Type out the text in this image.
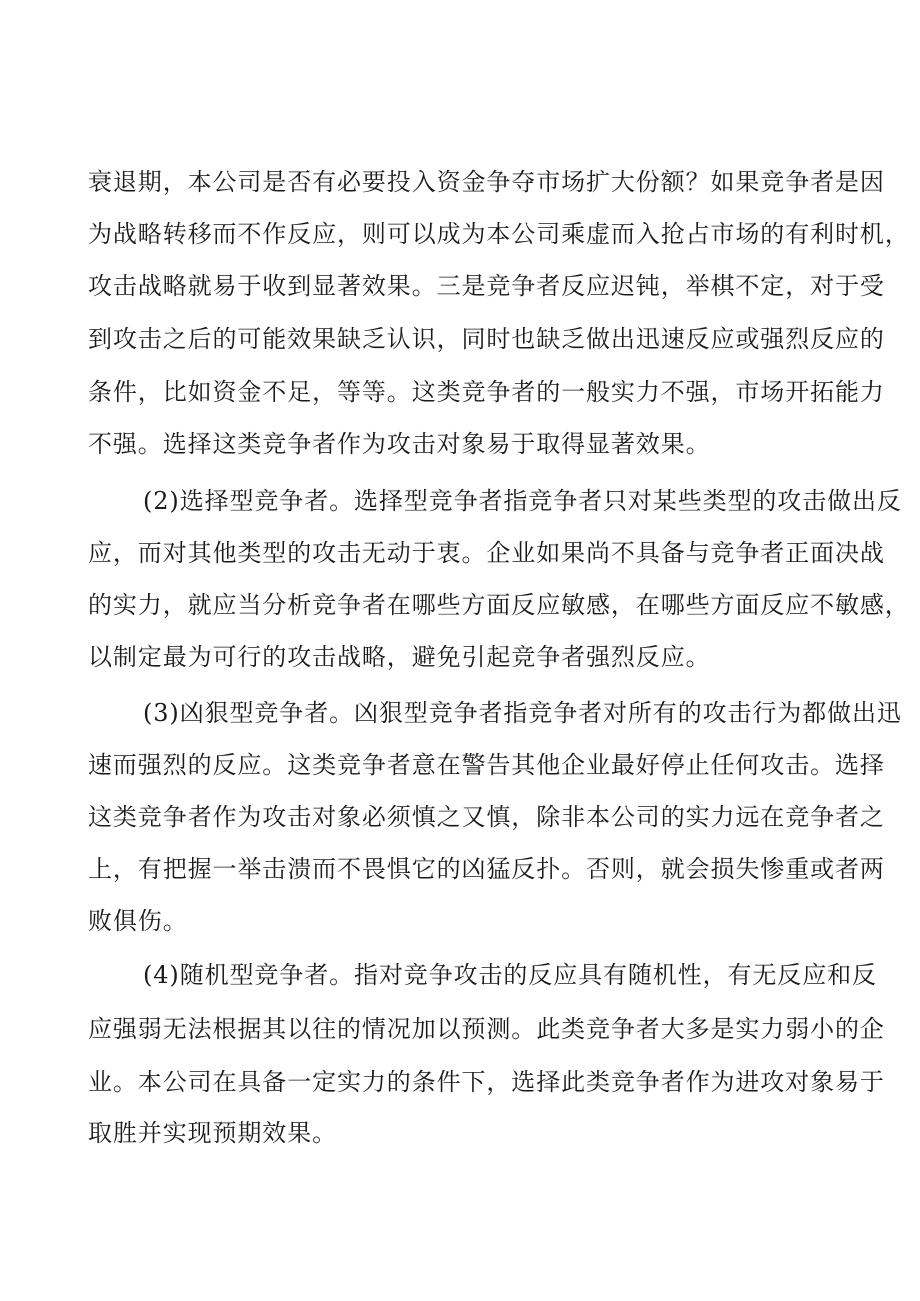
衰退期，本公司是否有必要投入资金争夺市场扩大份额？如果竞争者是因
为战略转移而不作反应，则可以成为本公司乘虚而入抢占市场的有利时机，
攻击战略就易于收到显著效果。三是竞争者反应迟钝，举棋不定，对于受
到攻击之后的可能效果缺乏认识，同时也缺乏做出迅速反应或强烈反应的
条件，比如资金不足，等等。这类竞争者的一般实力不强，市场开拓能力
不强。选择这类竞争者作为攻击对象易于取得显著效果。
(2)选择型竞争者。选择型竞争者指竞争者只对某些类型的攻击做出反
应，而对其他类型的攻击无动于衷。企业如果尚不具备与竞争者正面决战
的实力，就应当分析竞争者在哪些方面反应敏感，在哪些方面反应不敏感，
以制定最为可行的攻击战略，避免引起竞争者强烈反应。
(3)凶狠型竞争者。凶狠型竞争者指竞争者对所有的攻击行为都做出迅
速而强烈的反应。这类竞争者意在警告其他企业最好停止任何攻击。选择
这类竞争者作为攻击对象必须慎之又慎，除非本公司的实力远在竞争者之
上，有把握一举击溃而不畏惧它的凶猛反扑。否则，就会损失惨重或者两
败俱伤。
(4)随机型竞争者。指对竞争攻击的反应具有随机性，有无反应和反
应强弱无法根据其以往的情况加以预测。此类竞争者大多是实力弱小的企
业。本公司在具备一定实力的条件下，选择此类竞争者作为进攻对象易于
取胜并实现预期效果。
